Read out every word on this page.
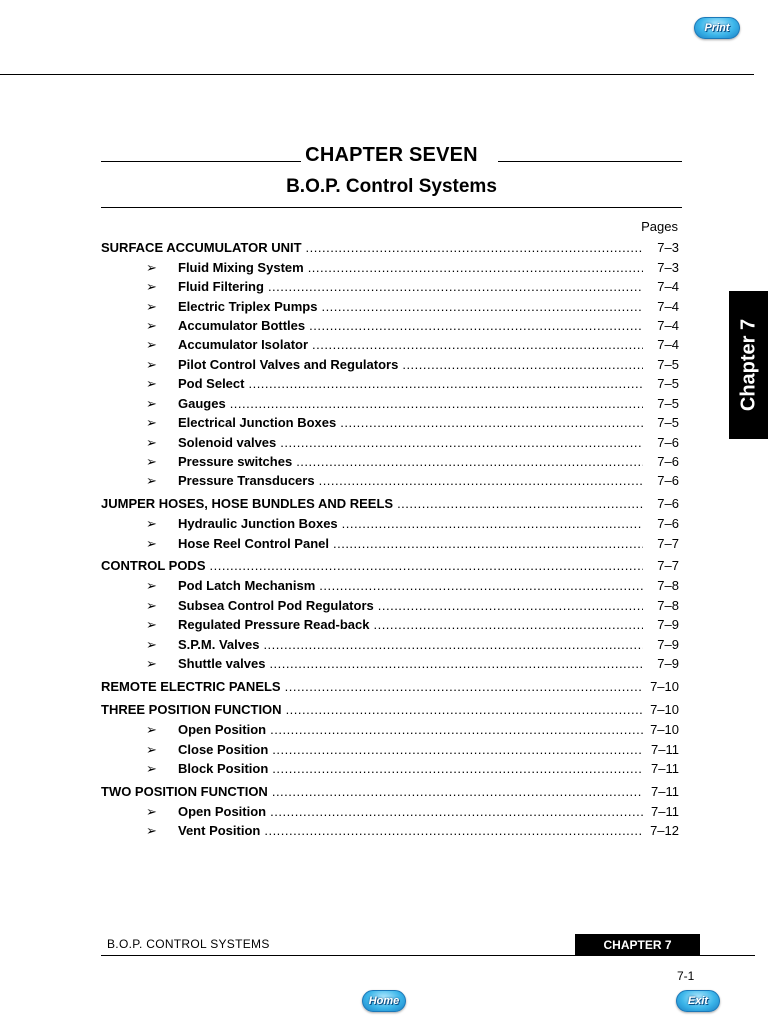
Print
CHAPTER SEVEN
B.O.P. Control Systems
Pages
SURFACE ACCUMULATOR UNIT .....	7–3
➢	Fluid Mixing System .....	7–3
➢	Fluid Filtering .....	7–4
➢	Electric Triplex Pumps .....	7–4
➢	Accumulator Bottles .....	7–4
➢	Accumulator Isolator .....	7–4
➢	Pilot Control Valves and Regulators .....	7–5
➢	Pod Select .....	7–5
➢	Gauges .....	7–5
➢	Electrical Junction Boxes .....	7–5
➢	Solenoid valves .....	7–6
➢	Pressure switches .....	7–6
➢	Pressure Transducers .....	7–6
JUMPER HOSES, HOSE BUNDLES AND REELS .....	7–6
➢	Hydraulic Junction Boxes .....	7–6
➢	Hose Reel Control Panel .....	7–7
CONTROL PODS .....	7–7
➢	Pod Latch Mechanism .....	7–8
➢	Subsea Control Pod Regulators .....	7–8
➢	Regulated Pressure Read-back .....	7–9
➢	S.P.M. Valves .....	7–9
➢	Shuttle valves .....	7–9
REMOTE ELECTRIC PANELS .....	7–10
THREE POSITION FUNCTION .....	7–10
➢	Open Position .....	7–10
➢	Close Position .....	7–11
➢	Block Position .....	7–11
TWO POSITION FUNCTION .....	7–11
➢	Open Position .....	7–11
➢	Vent Position .....	7–12
Chapter 7
B.O.P. CONTROL SYSTEMS	CHAPTER 7
7-1
Home	Exit
